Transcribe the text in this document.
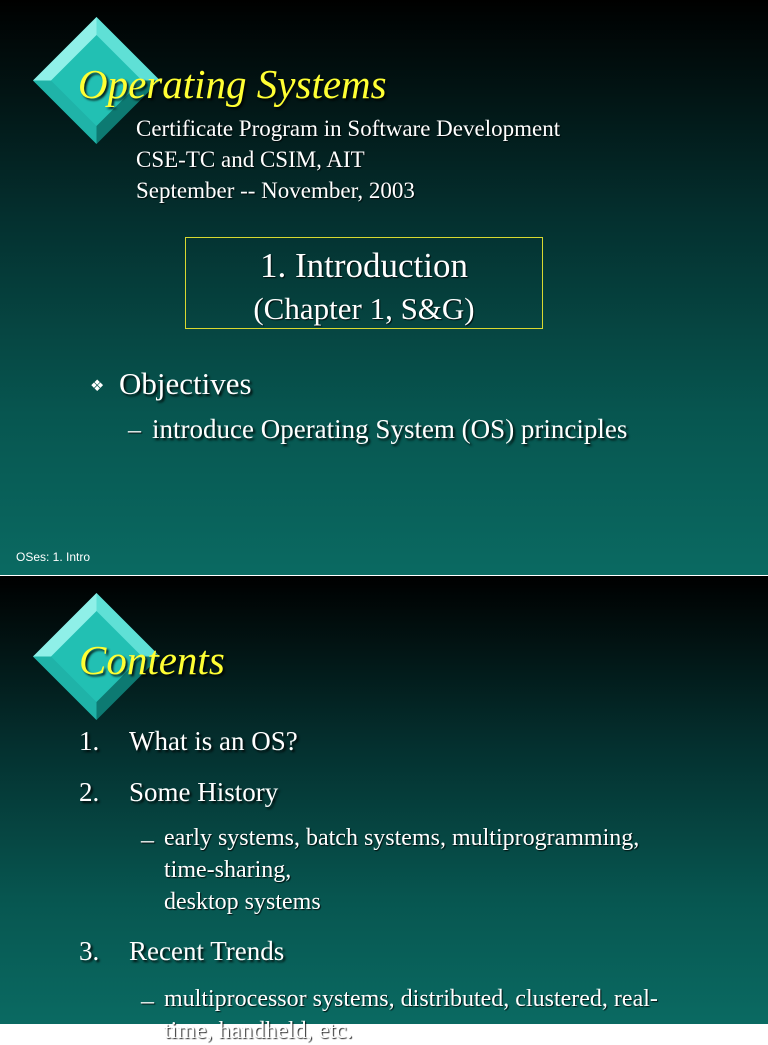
Operating Systems
Certificate Program in Software Development
CSE-TC and CSIM, AIT
September -- November, 2003
1. Introduction
(Chapter 1, S&G)
❖ Objectives
– introduce Operating System (OS) principles
OSes: 1. Intro
Contents
1. What is an OS?
2. Some History
– early systems, batch systems, multiprogramming,
time-sharing,
desktop systems
3. Recent Trends
– multiprocessor systems, distributed, clustered, real-
time, handheld, etc.
